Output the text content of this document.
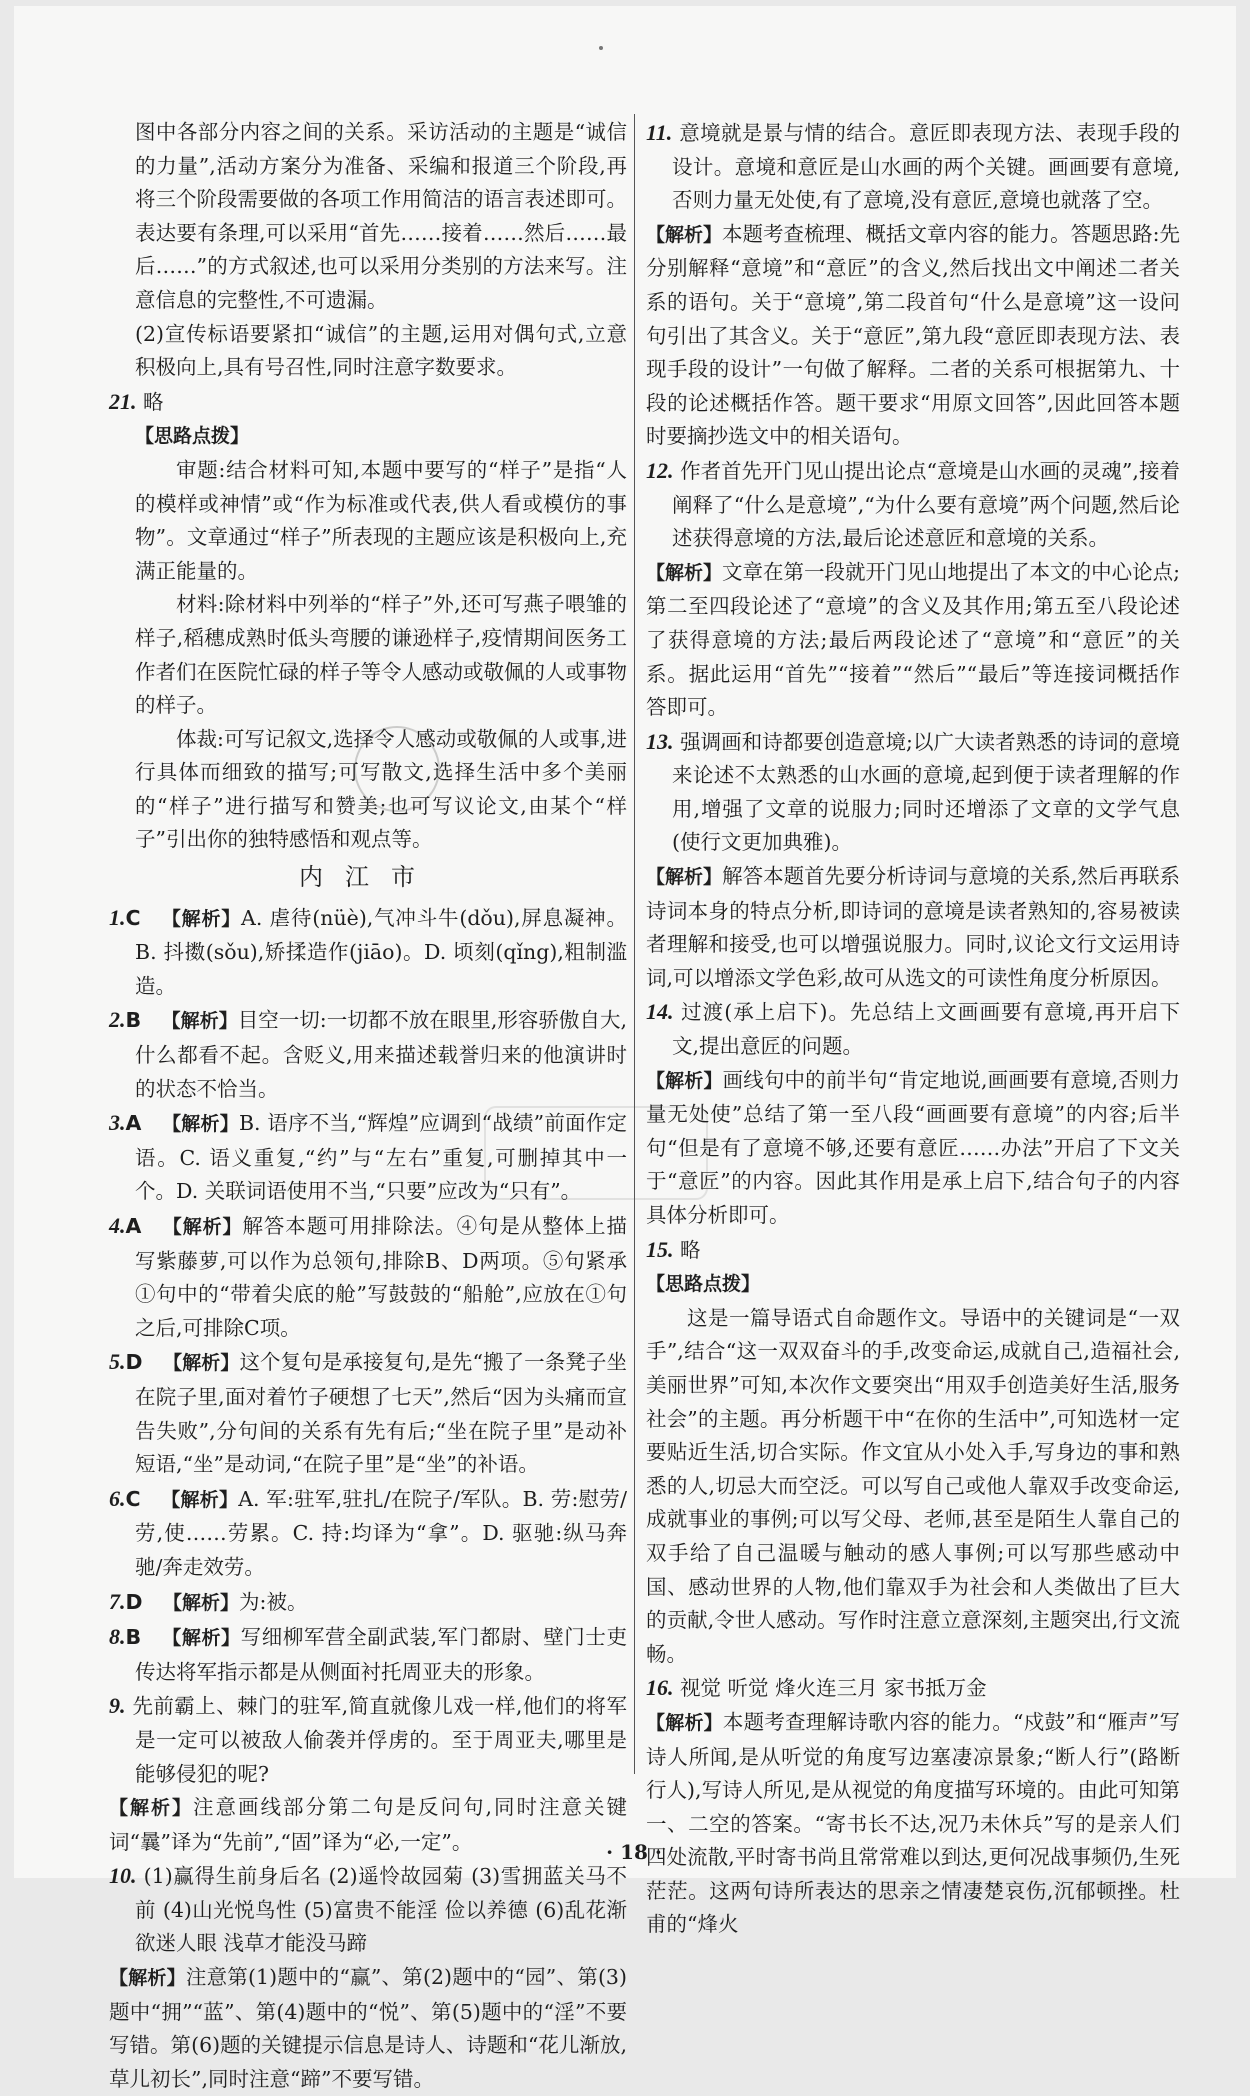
图中各部分内容之间的关系。采访活动的主题是“诚信的力量”,活动方案分为准备、采编和报道三个阶段,再将三个阶段需要做的各项工作用简洁的语言表述即可。表达要有条理,可以采用“首先……接着……然后……最后……”的方式叙述,也可以采用分类别的方法来写。注意信息的完整性,不可遗漏。

(2)宣传标语要紧扣“诚信”的主题,运用对偶句式,立意积极向上,具有号召性,同时注意字数要求。

21. 略

【思路点拨】

审题:结合材料可知,本题中要写的“样子”是指“人的模样或神情”或“作为标准或代表,供人看或模仿的事物”。文章通过“样子”所表现的主题应该是积极向上,充满正能量的。

材料:除材料中列举的“样子”外,还可写燕子喂雏的样子,稻穗成熟时低头弯腰的谦逊样子,疫情期间医务工作者们在医院忙碌的样子等令人感动或敬佩的人或事物的样子。

体裁:可写记叙文,选择令人感动或敬佩的人或事,进行具体而细致的描写;可写散文,选择生活中多个美丽的“样子”进行描写和赞美;也可写议论文,由某个“样子”引出你的独特感悟和观点等。

内江市

1.C  【解析】A. 虐待(nüè),气冲斗牛(dǒu),屏息凝神。B. 抖擞(sǒu),矫揉造作(jiāo)。D. 顷刻(qǐng),粗制滥造。

2.B  【解析】目空一切:一切都不放在眼里,形容骄傲自大,什么都看不起。含贬义,用来描述载誉归来的他演讲时的状态不恰当。

3.A  【解析】B. 语序不当,“辉煌”应调到“战绩”前面作定语。C. 语义重复,“约”与“左右”重复,可删掉其中一个。D. 关联词语使用不当,“只要”应改为“只有”。

4.A  【解析】解答本题可用排除法。④句是从整体上描写紫藤萝,可以作为总领句,排除B、D两项。⑤句紧承①句中的“带着尖底的舱”写鼓鼓的“船舱”,应放在①句之后,可排除C项。

5.D  【解析】这个复句是承接复句,是先“搬了一条凳子坐在院子里,面对着竹子硬想了七天”,然后“因为头痛而宣告失败”,分句间的关系有先有后;“坐在院子里”是动补短语,“坐”是动词,“在院子里”是“坐”的补语。

6.C  【解析】A. 军:驻军,驻扎/在院子/军队。B. 劳:慰劳/劳,使……劳累。C. 持:均译为“拿”。D. 驱驰:纵马奔驰/奔走效劳。

7.D  【解析】为:被。

8.B  【解析】写细柳军营全副武装,军门都尉、壁门士吏传达将军指示都是从侧面衬托周亚夫的形象。

9. 先前霸上、棘门的驻军,简直就像儿戏一样,他们的将军是一定可以被敌人偷袭并俘虏的。至于周亚夫,哪里是能够侵犯的呢?

【解析】注意画线部分第二句是反问句,同时注意关键词“曩”译为“先前”,“固”译为“必,一定”。

10. (1)赢得生前身后名 (2)遥怜故园菊 (3)雪拥蓝关马不前 (4)山光悦鸟性 (5)富贵不能淫 俭以养德 (6)乱花渐欲迷人眼 浅草才能没马蹄

【解析】注意第(1)题中的“赢”、第(2)题中的“园”、第(3)题中“拥”“蓝”、第(4)题中的“悦”、第(5)题中的“淫”不要写错。第(6)题的关键提示信息是诗人、诗题和“花儿渐放,草儿初长”,同时注意“蹄”不要写错。

11. 意境就是景与情的结合。意匠即表现方法、表现手段的设计。意境和意匠是山水画的两个关键。画画要有意境,否则力量无处使,有了意境,没有意匠,意境也就落了空。

【解析】本题考查梳理、概括文章内容的能力。答题思路:先分别解释“意境”和“意匠”的含义,然后找出文中阐述二者关系的语句。关于“意境”,第二段首句“什么是意境”这一设问句引出了其含义。关于“意匠”,第九段“意匠即表现方法、表现手段的设计”一句做了解释。二者的关系可根据第九、十段的论述概括作答。题干要求“用原文回答”,因此回答本题时要摘抄选文中的相关语句。

12. 作者首先开门见山提出论点“意境是山水画的灵魂”,接着阐释了“什么是意境”,“为什么要有意境”两个问题,然后论述获得意境的方法,最后论述意匠和意境的关系。

【解析】文章在第一段就开门见山地提出了本文的中心论点;第二至四段论述了“意境”的含义及其作用;第五至八段论述了获得意境的方法;最后两段论述了“意境”和“意匠”的关系。据此运用“首先”“接着”“然后”“最后”等连接词概括作答即可。

13. 强调画和诗都要创造意境;以广大读者熟悉的诗词的意境来论述不太熟悉的山水画的意境,起到便于读者理解的作用,增强了文章的说服力;同时还增添了文章的文学气息(使行文更加典雅)。

【解析】解答本题首先要分析诗词与意境的关系,然后再联系诗词本身的特点分析,即诗词的意境是读者熟知的,容易被读者理解和接受,也可以增强说服力。同时,议论文行文运用诗词,可以增添文学色彩,故可从选文的可读性角度分析原因。

14. 过渡(承上启下)。先总结上文画画要有意境,再开启下文,提出意匠的问题。

【解析】画线句中的前半句“肯定地说,画画要有意境,否则力量无处使”总结了第一至八段“画画要有意境”的内容;后半句“但是有了意境不够,还要有意匠……办法”开启了下文关于“意匠”的内容。因此其作用是承上启下,结合句子的内容具体分析即可。

15. 略

【思路点拨】

这是一篇导语式自命题作文。导语中的关键词是“一双手”,结合“这一双双奋斗的手,改变命运,成就自己,造福社会,美丽世界”可知,本次作文要突出“用双手创造美好生活,服务社会”的主题。再分析题干中“在你的生活中”,可知选材一定要贴近生活,切合实际。作文宜从小处入手,写身边的事和熟悉的人,切忌大而空泛。可以写自己或他人靠双手改变命运,成就事业的事例;可以写父母、老师,甚至是陌生人靠自己的双手给了自己温暖与触动的感人事例;可以写那些感动中国、感动世界的人物,他们靠双手为社会和人类做出了巨大的贡献,令世人感动。写作时注意立意深刻,主题突出,行文流畅。

16. 视觉 听觉 烽火连三月 家书抵万金

【解析】本题考查理解诗歌内容的能力。“戍鼓”和“雁声”写诗人所闻,是从听觉的角度写边塞凄凉景象;“断人行”(路断行人),写诗人所见,是从视觉的角度描写环境的。由此可知第一、二空的答案。“寄书长不达,况乃未休兵”写的是亲人们四处流散,平时寄书尚且常常难以到达,更何况战事频仍,生死茫茫。这两句诗所表达的思亲之情凄楚哀伤,沉郁顿挫。杜甫的“烽火

· 18 ·
